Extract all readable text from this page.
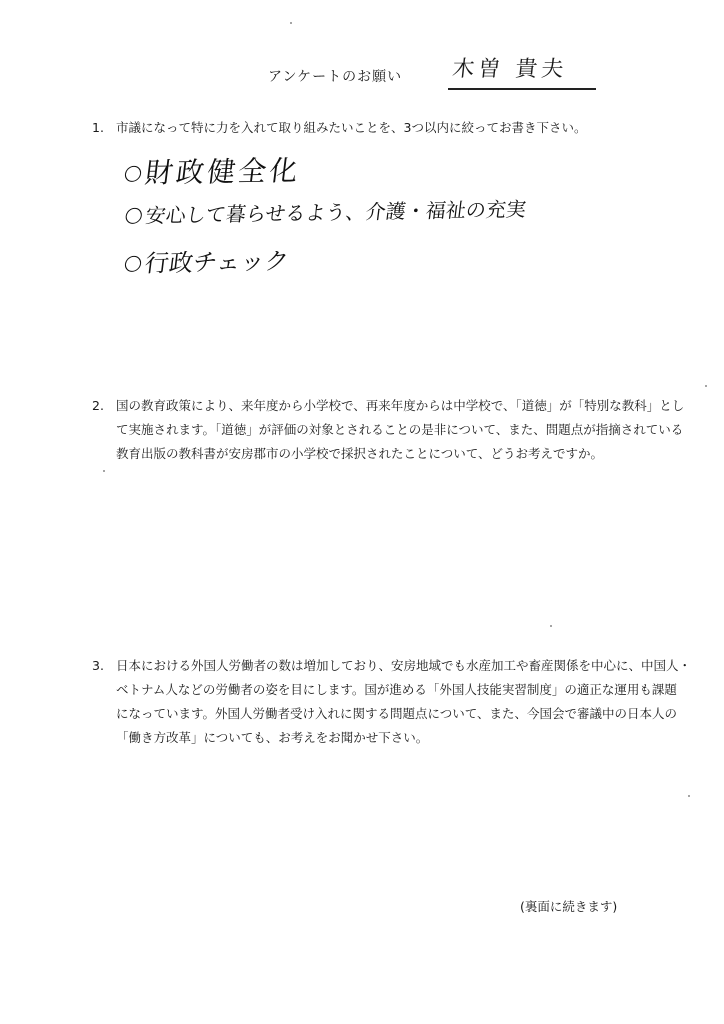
アンケートのお願い 木曽 貴夫
1. 市議になって特に力を入れて取り組みたいことを、3つ以内に絞ってお書き下さい。
財政健全化
安心して暮らせるよう、介護・福祉の充実
行政チェック
2. 国の教育政策により、来年度から小学校で、再来年度からは中学校で、「道徳」が「特別な教科」とし
て実施されます。「道徳」が評価の対象とされることの是非について、また、問題点が指摘されている
教育出版の教科書が安房郡市の小学校で採択されたことについて、どうお考えですか。
3. 日本における外国人労働者の数は増加しており、安房地域でも水産加工や畜産関係を中心に、中国人・
ベトナム人などの労働者の姿を目にします。国が進める「外国人技能実習制度」の適正な運用も課題
になっています。外国人労働者受け入れに関する問題点について、また、今国会で審議中の日本人の
「働き方改革」についても、お考えをお聞かせ下さい。
(裏面に続きます)
